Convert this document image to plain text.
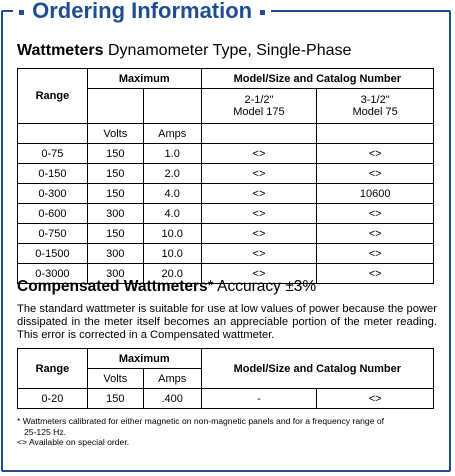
Ordering Information
Wattmeters Dynamometer Type, Single-Phase
Range	Maximum		Model/Size and Catalog Number	
			2-1/2"
Model 175	3-1/2"
Model 75
	Volts	Amps		
0-75	150	1.0	<>	<>
0-150	150	2.0	<>	<>
0-300	150	4.0	<>	10600
0-600	300	4.0	<>	<>
0-750	150	10.0	<>	<>
0-1500	300	10.0	<>	<>
0-3000	300	20.0	<>	<>
Compensated Wattmeters* Accuracy ±3%
The standard wattmeter is suitable for use at low values of power because the power dissipated in the meter itself becomes an appreciable portion of the meter reading. This error is corrected in a Compensated wattmeter.
Range	Maximum		Model/Size and Catalog Number	
	Volts	Amps		
0-20	150	.400	-	<>
* Wattmeters calibrated for either magnetic on non-magnetic panels and for a frequency range of
25-125 Hz.
<> Available on special order.
